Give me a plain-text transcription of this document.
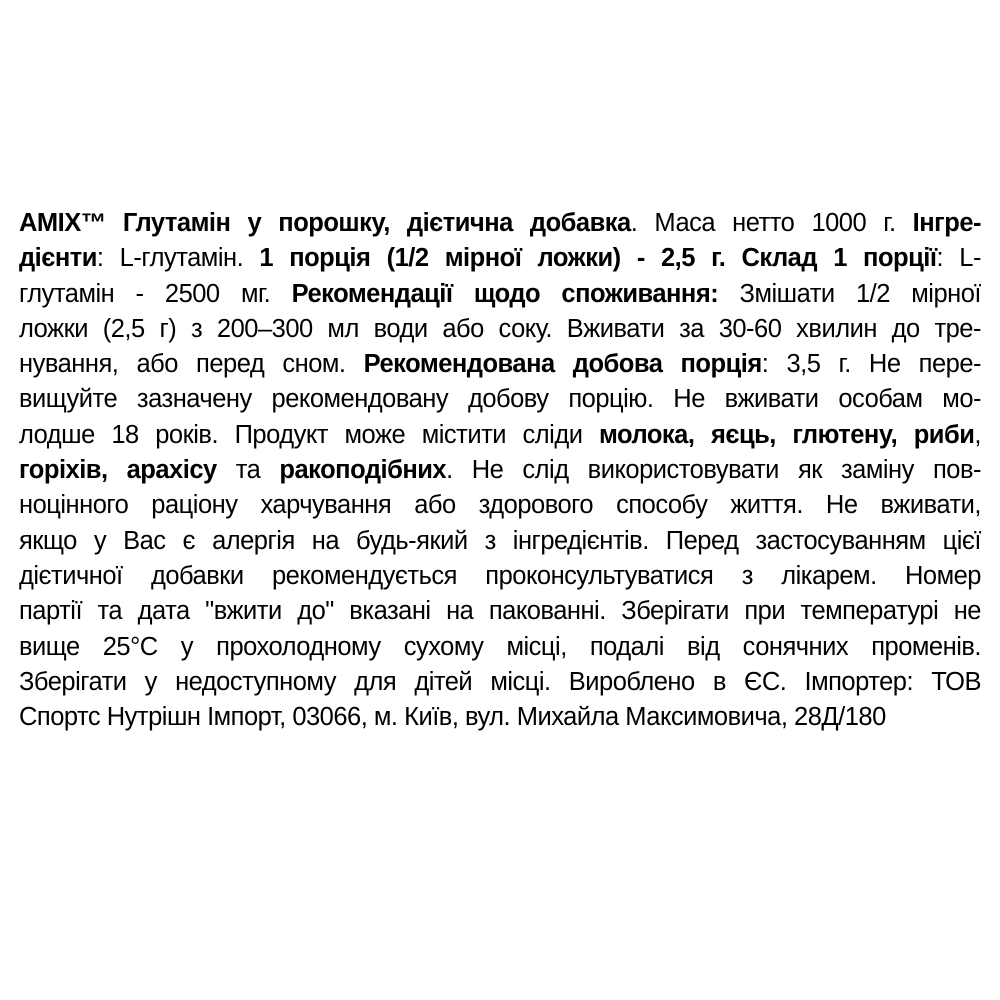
AMIX™ Глутамін у порошку, дієтична добавка. Маса нетто 1000 г. Інгре-
дієнти: L-глутамін. 1 порція (1/2 мірної ложки) - 2,5 г. Склад 1 порції: L-
глутамін - 2500 мг. Рекомендації щодо споживання: Змішати 1/2 мірної
ложки (2,5 г) з 200–300 мл води або соку. Вживати за 30-60 хвилин до тре-
нування, або перед сном. Рекомендована добова порція: 3,5 г. Не пере-
вищуйте зазначену рекомендовану добову порцію. Не вживати особам мо-
лодше 18 років. Продукт може містити сліди молока, яєць, глютену, риби,
горіхів, арахісу та ракоподібних. Не слід використовувати як заміну пов-
ноцінного раціону харчування або здорового способу життя. Не вживати,
якщо у Вас є алергія на будь-який з інгредієнтів. Перед застосуванням цієї
дієтичної добавки рекомендується проконсультуватися з лікарем. Номер
партії та дата "вжити до" вказані на пакованні. Зберігати при температурі не
вище 25°C у прохолодному сухому місці, подалі від сонячних променів.
Зберігати у недоступному для дітей місці. Вироблено в ЄС. Імпортер: ТОВ
Спортс Нутрішн Імпорт, 03066, м. Київ, вул. Михайла Максимовича, 28Д/180
